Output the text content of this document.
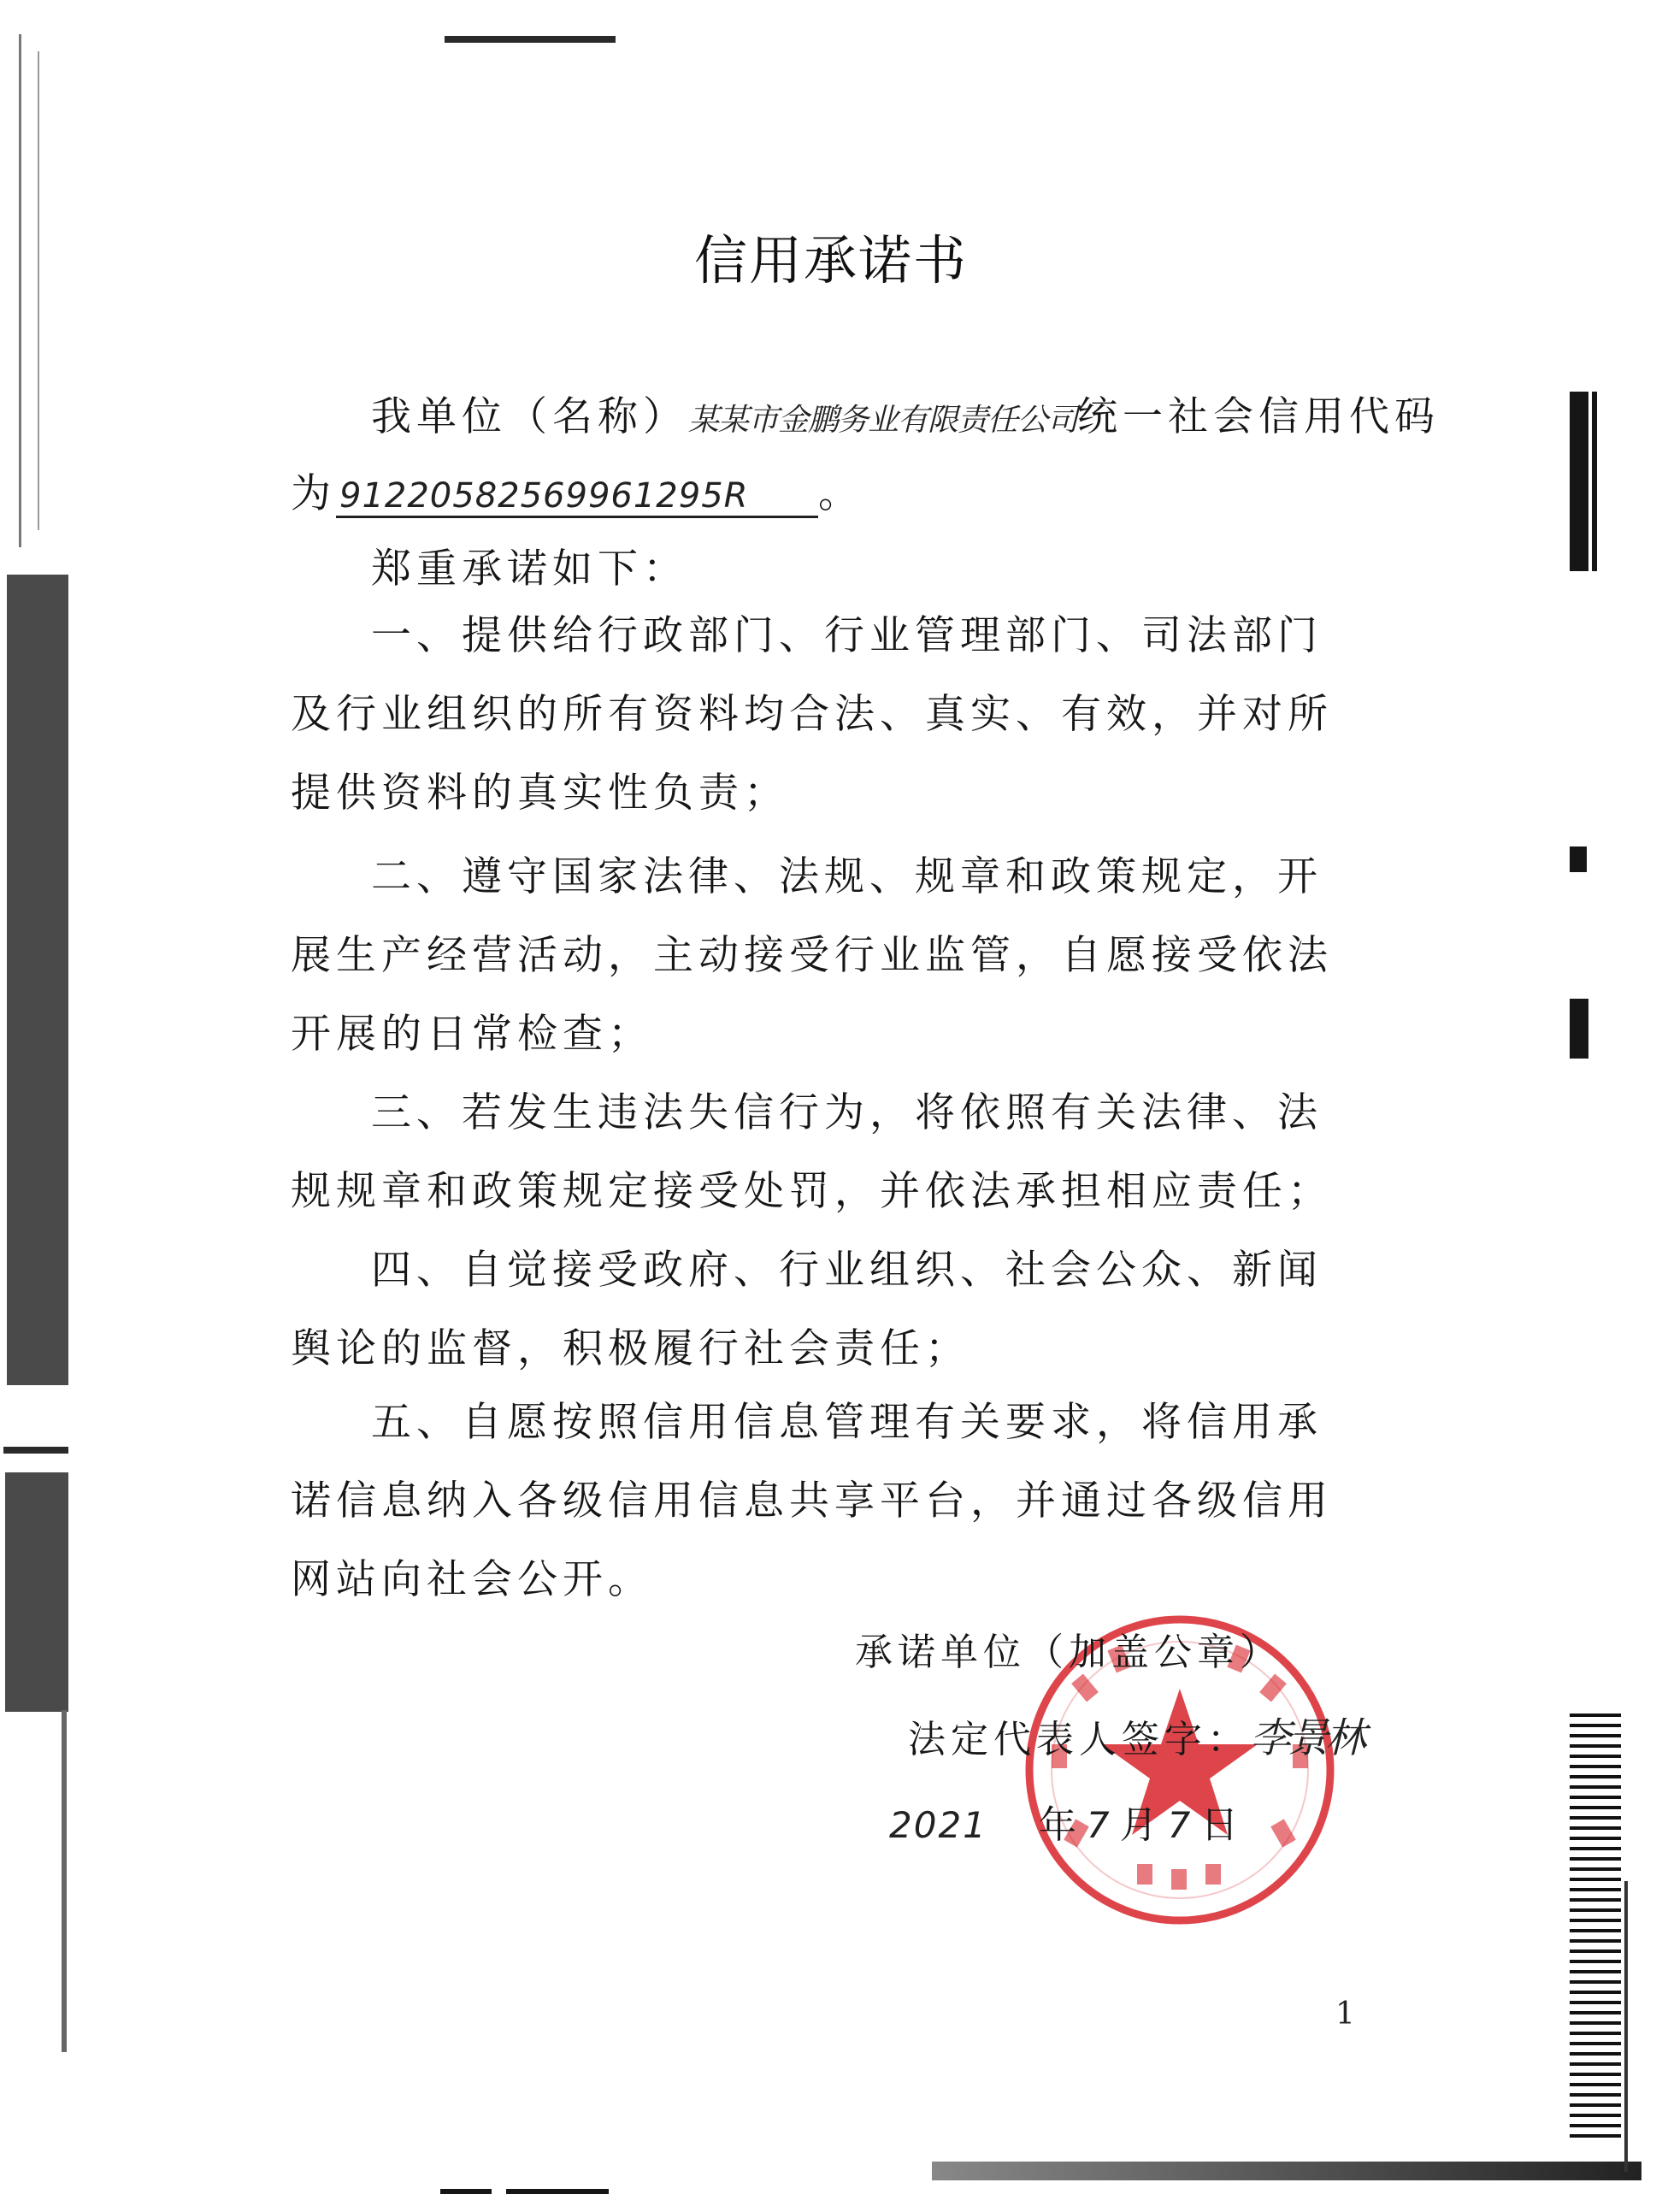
信用承诺书
我单位（名称）某某市金鹏务业有限责任公司统一社会信用代码
为 91220582569961295R 。
郑重承诺如下：
一、提供给行政部门、行业管理部门、司法部门及行业组织的所有资料均合法、真实、有效，并对所提供资料的真实性负责；
二、遵守国家法律、法规、规章和政策规定，开展生产经营活动，主动接受行业监管，自愿接受依法开展的日常检查；
三、若发生违法失信行为，将依照有关法律、法规规章和政策规定接受处罚，并依法承担相应责任；
四、自觉接受政府、行业组织、社会公众、新闻舆论的监督，积极履行社会责任；
五、自愿按照信用信息管理有关要求，将信用承诺信息纳入各级信用信息共享平台，并通过各级信用网站向社会公开。
承诺单位（加盖公章）
法定代表人签字：李景林
2021 年 7 月 7 日
1
